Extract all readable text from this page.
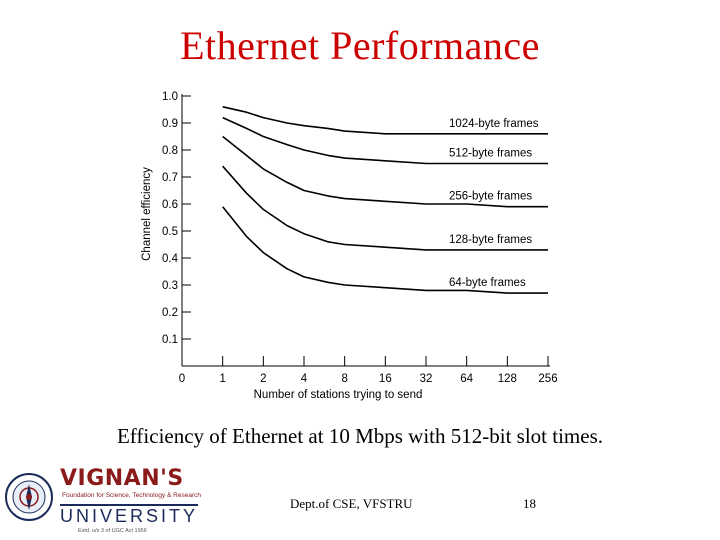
Ethernet Performance
0.1
0.2
0.3
0.4
0.5
0.6
0.7
0.8
0.9
1.0
0	1	2	4	8	16 32 64 128 256
1024-byte frames
512-byte frames
256-byte frames
128-byte frames
64-byte frames
Channel efficiency
Number of stations trying to send
Efficiency of Ethernet at 10 Mbps with 512-bit slot times.
VIGNAN'S
Foundation for Science, Technology & Research
UNIVERSITY
Estd. u/s 3 of UGC Act 1956
Dept.of CSE, VFSTRU	18
